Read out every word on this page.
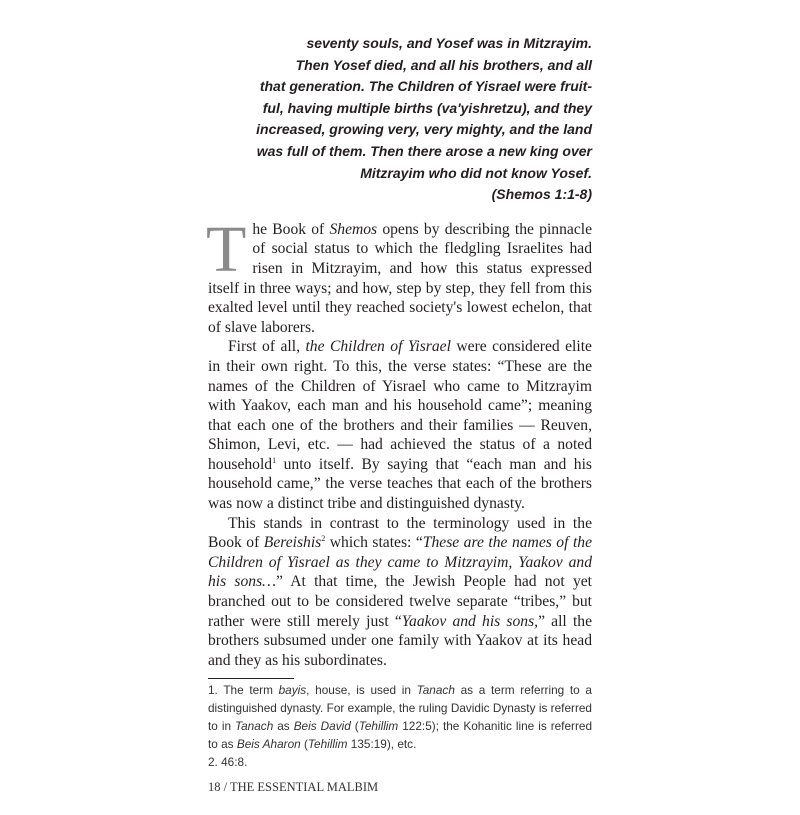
seventy souls, and Yosef was in Mitzrayim.
Then Yosef died, and all his brothers, and all
that generation. The Children of Yisrael were fruit-
ful, having multiple births (va'yishretzu), and they
increased, growing very, very mighty, and the land
was full of them. Then there arose a new king over
Mitzrayim who did not know Yosef.
(Shemos 1:1-8)

The Book of Shemos opens by describing the pinnacle of social status to which the fledgling Israelites had risen in Mitzrayim, and how this status expressed itself in three ways; and how, step by step, they fell from this exalted level until they reached society's lowest echelon, that of slave laborers.

First of all, the Children of Yisrael were considered elite in their own right. To this, the verse states: “These are the names of the Children of Yisrael who came to Mitzrayim with Yaakov, each man and his household came”; meaning that each one of the brothers and their families — Reuven, Shimon, Levi, etc. — had achieved the status of a noted household$^1$ unto itself. By saying that “each man and his household came,” the verse teaches that each of the brothers was now a distinct tribe and distinguished dynasty.

This stands in contrast to the terminology used in the Book of Bereishis$^2$ which states: “These are the names of the Children of Yisrael as they came to Mitzrayim, Yaakov and his sons…” At that time, the Jewish People had not yet branched out to be considered twelve separate “tribes,” but rather were still merely just “Yaakov and his sons,” all the brothers subsumed under one family with Yaakov at its head and they as his subordinates.

1. The term bayis, house, is used in Tanach as a term referring to a distinguished dynasty. For example, the ruling Davidic Dynasty is referred to in Tanach as Beis David (Tehillim 122:5); the Kohanitic line is referred to as Beis Aharon (Tehillim 135:19), etc.

2. 46:8.

18 / THE ESSENTIAL MALBIM
